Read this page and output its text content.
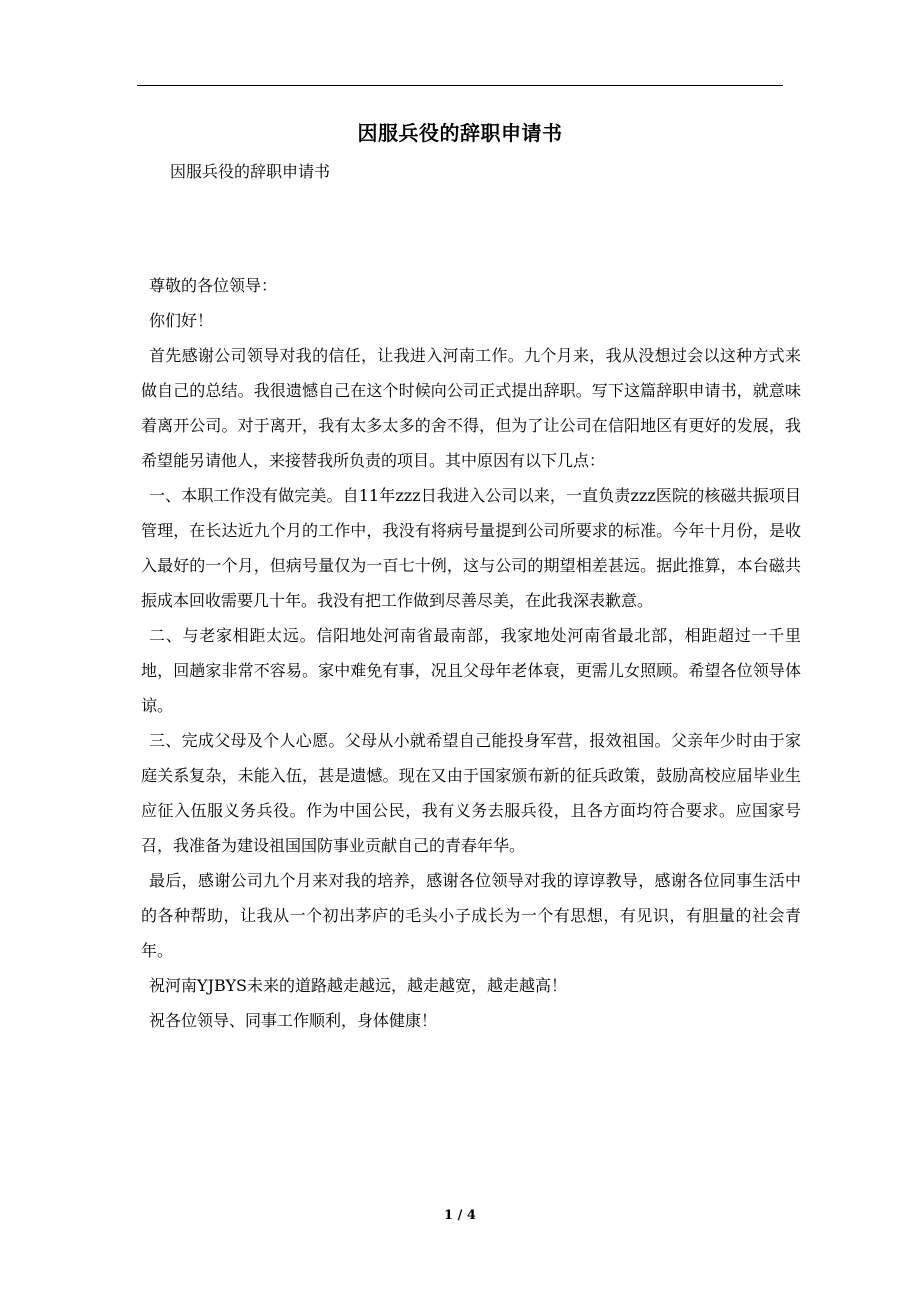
因服兵役的辞职申请书
因服兵役的辞职申请书

尊敬的各位领导：

你们好！

首先感谢公司领导对我的信任，让我进入河南工作。九个月来，我从没想过会以这种方式来做自己的总结。我很遗憾自己在这个时候向公司正式提出辞职。写下这篇辞职申请书，就意味着离开公司。对于离开，我有太多太多的舍不得，但为了让公司在信阳地区有更好的发展，我希望能另请他人，来接替我所负责的项目。其中原因有以下几点：

一、本职工作没有做完美。自11年zzz日我进入公司以来，一直负责zzz医院的核磁共振项目管理，在长达近九个月的工作中，我没有将病号量提到公司所要求的标准。今年十月份，是收入最好的一个月，但病号量仅为一百七十例，这与公司的期望相差甚远。据此推算，本台磁共振成本回收需要几十年。我没有把工作做到尽善尽美，在此我深表歉意。

二、与老家相距太远。信阳地处河南省最南部，我家地处河南省最北部，相距超过一千里地，回趟家非常不容易。家中难免有事，况且父母年老体衰，更需儿女照顾。希望各位领导体谅。

三、完成父母及个人心愿。父母从小就希望自己能投身军营，报效祖国。父亲年少时由于家庭关系复杂，未能入伍，甚是遗憾。现在又由于国家颁布新的征兵政策，鼓励高校应届毕业生应征入伍服义务兵役。作为中国公民，我有义务去服兵役，且各方面均符合要求。应国家号召，我准备为建设祖国国防事业贡献自己的青春年华。

最后，感谢公司九个月来对我的培养，感谢各位领导对我的谆谆教导，感谢各位同事生活中的各种帮助，让我从一个初出茅庐的毛头小子成长为一个有思想，有见识，有胆量的社会青年。

祝河南YJBYS未来的道路越走越远，越走越宽，越走越高！

祝各位领导、同事工作顺利，身体健康！

1 / 4
